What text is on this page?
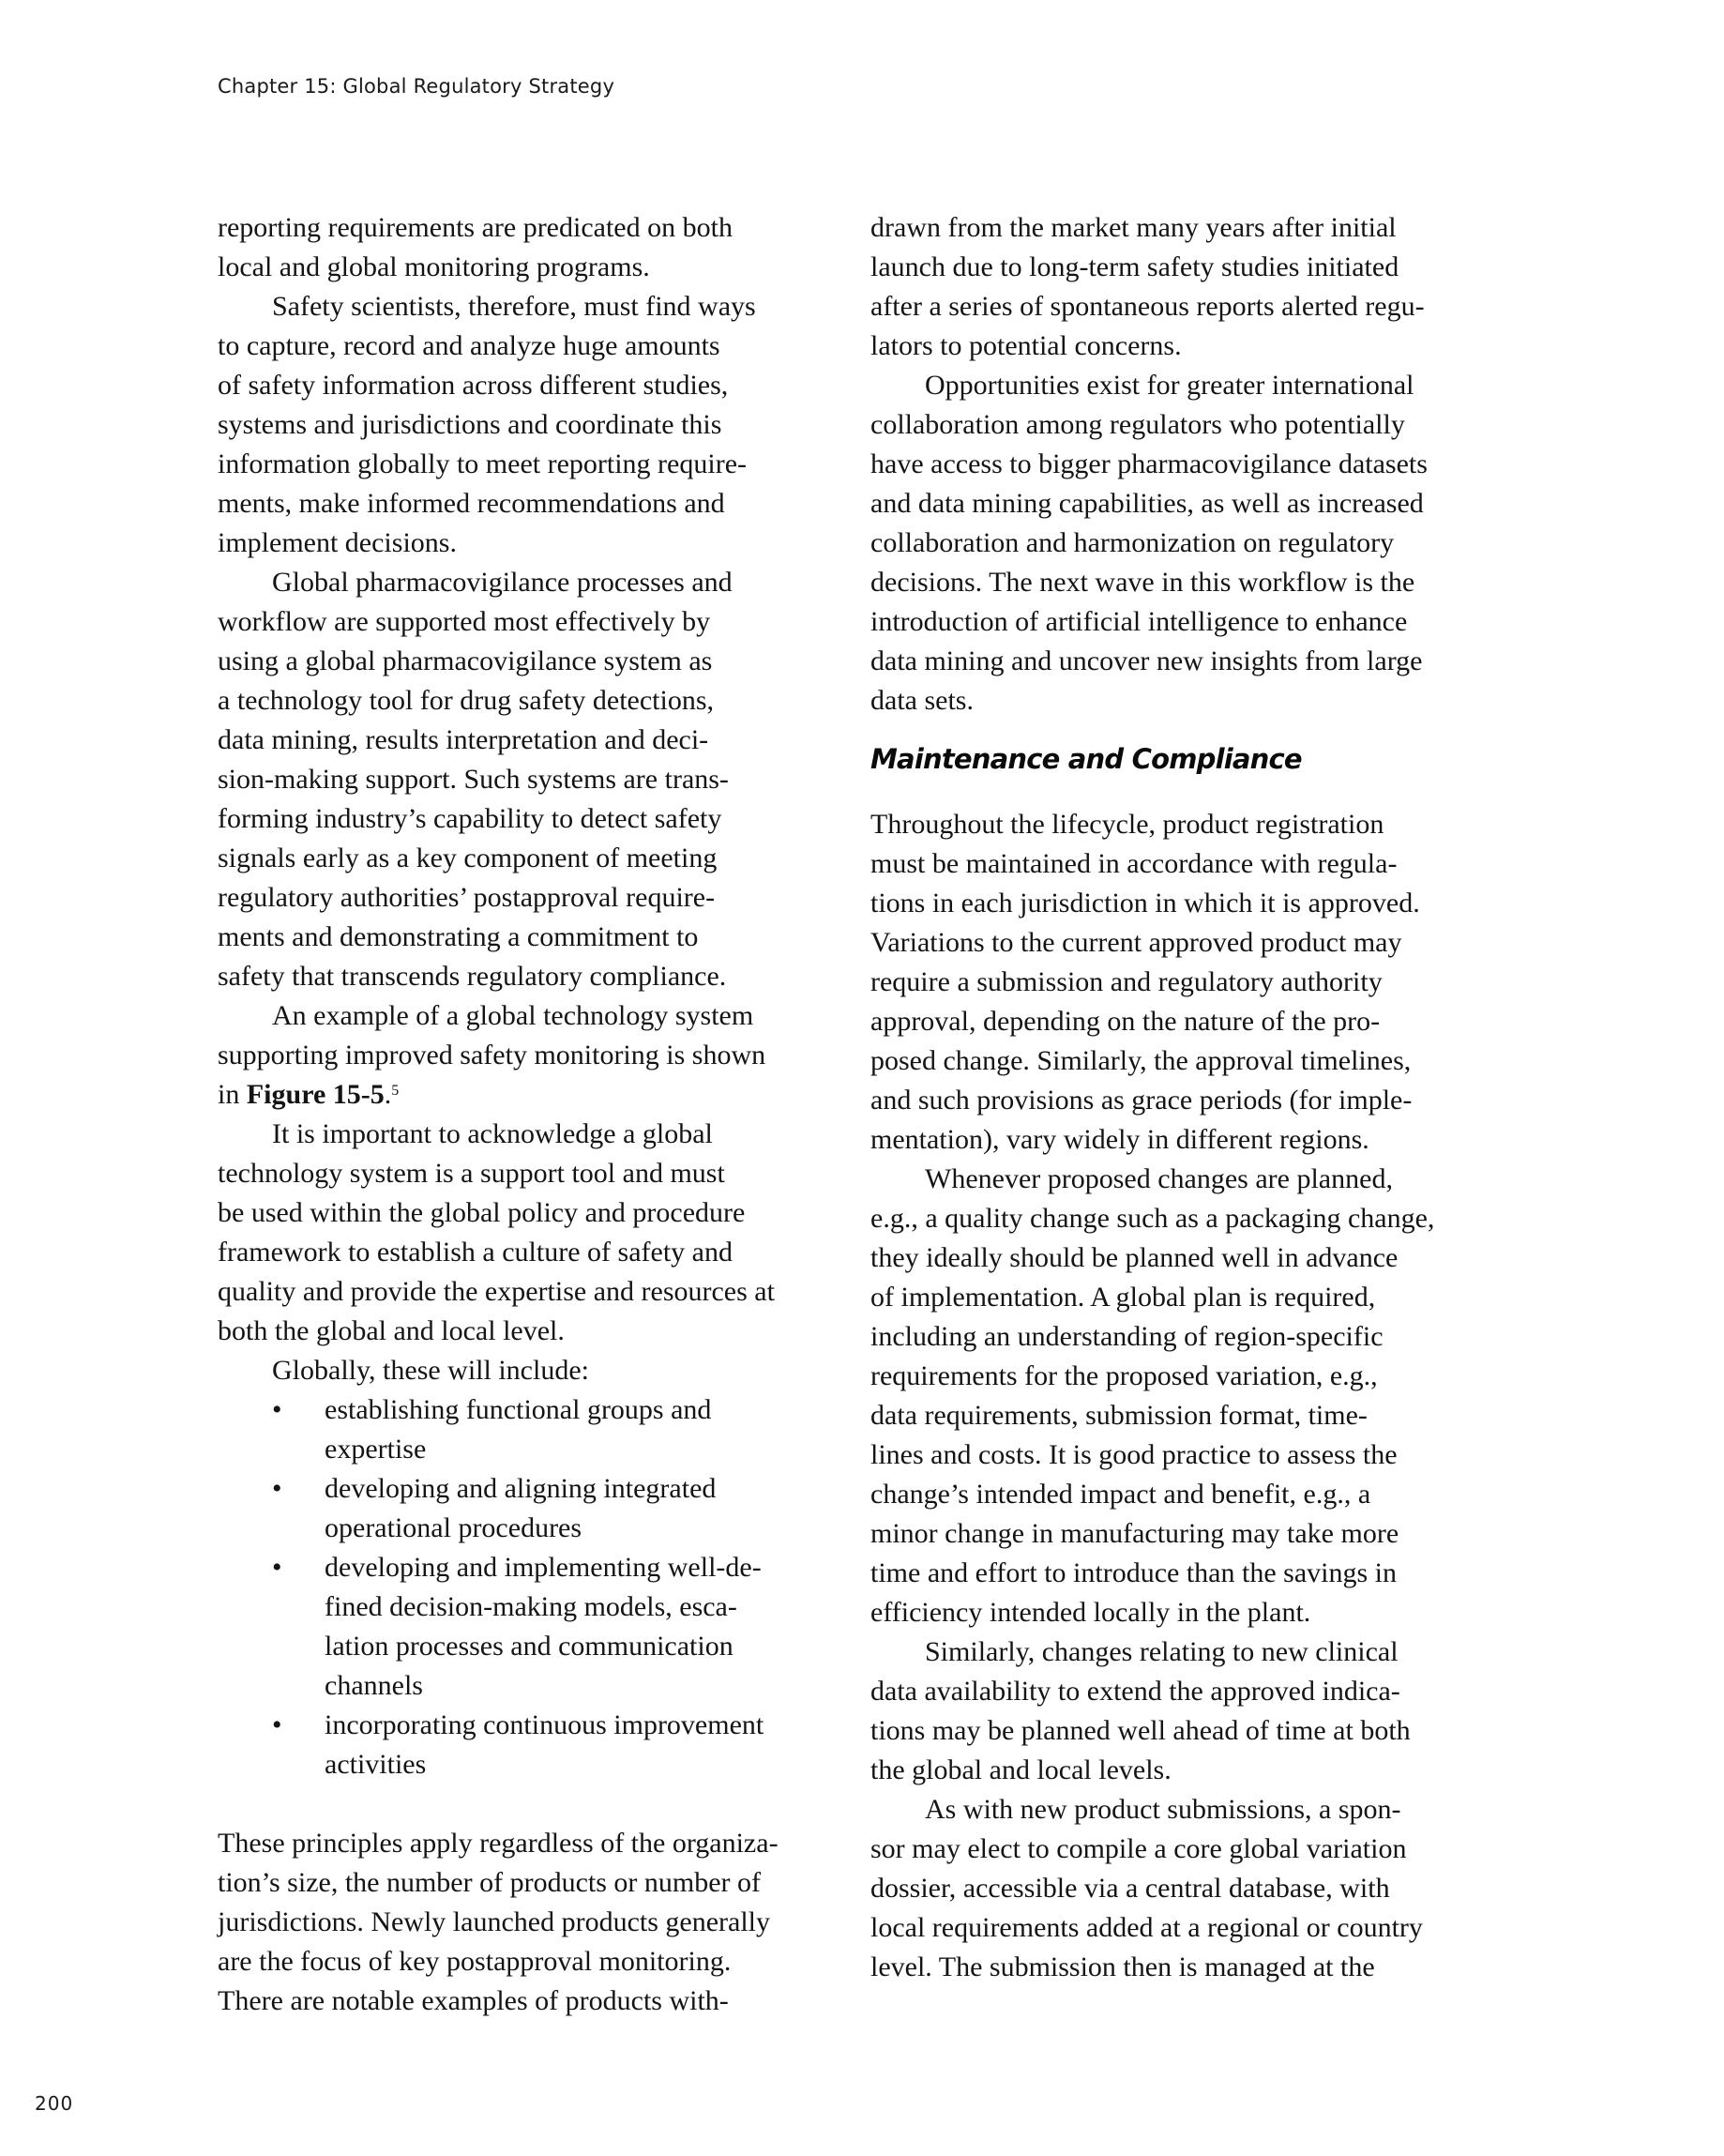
Chapter 15: Global Regulatory Strategy
reporting requirements are predicated on both
local and global monitoring programs.
Safety scientists, therefore, must find ways
to capture, record and analyze huge amounts
of safety information across different studies,
systems and jurisdictions and coordinate this
information globally to meet reporting require-
ments, make informed recommendations and
implement decisions.
Global pharmacovigilance processes and
workflow are supported most effectively by
using a global pharmacovigilance system as
a technology tool for drug safety detections,
data mining, results interpretation and deci-
sion-making support. Such systems are trans-
forming industry’s capability to detect safety
signals early as a key component of meeting
regulatory authorities’ postapproval require-
ments and demonstrating a commitment to
safety that transcends regulatory compliance.
An example of a global technology system
supporting improved safety monitoring is shown
in Figure 15-5.$^5$
It is important to acknowledge a global
technology system is a support tool and must
be used within the global policy and procedure
framework to establish a culture of safety and
quality and provide the expertise and resources at
both the global and local level.
Globally, these will include:
• establishing functional groups and
expertise
• developing and aligning integrated
operational procedures
• developing and implementing well-de-
fined decision-making models, esca-
lation processes and communication
channels
• incorporating continuous improvement
activities
These principles apply regardless of the organiza-
tion’s size, the number of products or number of
jurisdictions. Newly launched products generally
are the focus of key postapproval monitoring.
There are notable examples of products with-
drawn from the market many years after initial
launch due to long-term safety studies initiated
after a series of spontaneous reports alerted regu-
lators to potential concerns.
Opportunities exist for greater international
collaboration among regulators who potentially
have access to bigger pharmacovigilance datasets
and data mining capabilities, as well as increased
collaboration and harmonization on regulatory
decisions. The next wave in this workflow is the
introduction of artificial intelligence to enhance
data mining and uncover new insights from large
data sets.
Maintenance and Compliance
Throughout the lifecycle, product registration
must be maintained in accordance with regula-
tions in each jurisdiction in which it is approved.
Variations to the current approved product may
require a submission and regulatory authority
approval, depending on the nature of the pro-
posed change. Similarly, the approval timelines,
and such provisions as grace periods (for imple-
mentation), vary widely in different regions.
Whenever proposed changes are planned,
e.g., a quality change such as a packaging change,
they ideally should be planned well in advance
of implementation. A global plan is required,
including an understanding of region-specific
requirements for the proposed variation, e.g.,
data requirements, submission format, time-
lines and costs. It is good practice to assess the
change’s intended impact and benefit, e.g., a
minor change in manufacturing may take more
time and effort to introduce than the savings in
efficiency intended locally in the plant.
Similarly, changes relating to new clinical
data availability to extend the approved indica-
tions may be planned well ahead of time at both
the global and local levels.
As with new product submissions, a spon-
sor may elect to compile a core global variation
dossier, accessible via a central database, with
local requirements added at a regional or country
level. The submission then is managed at the
200
